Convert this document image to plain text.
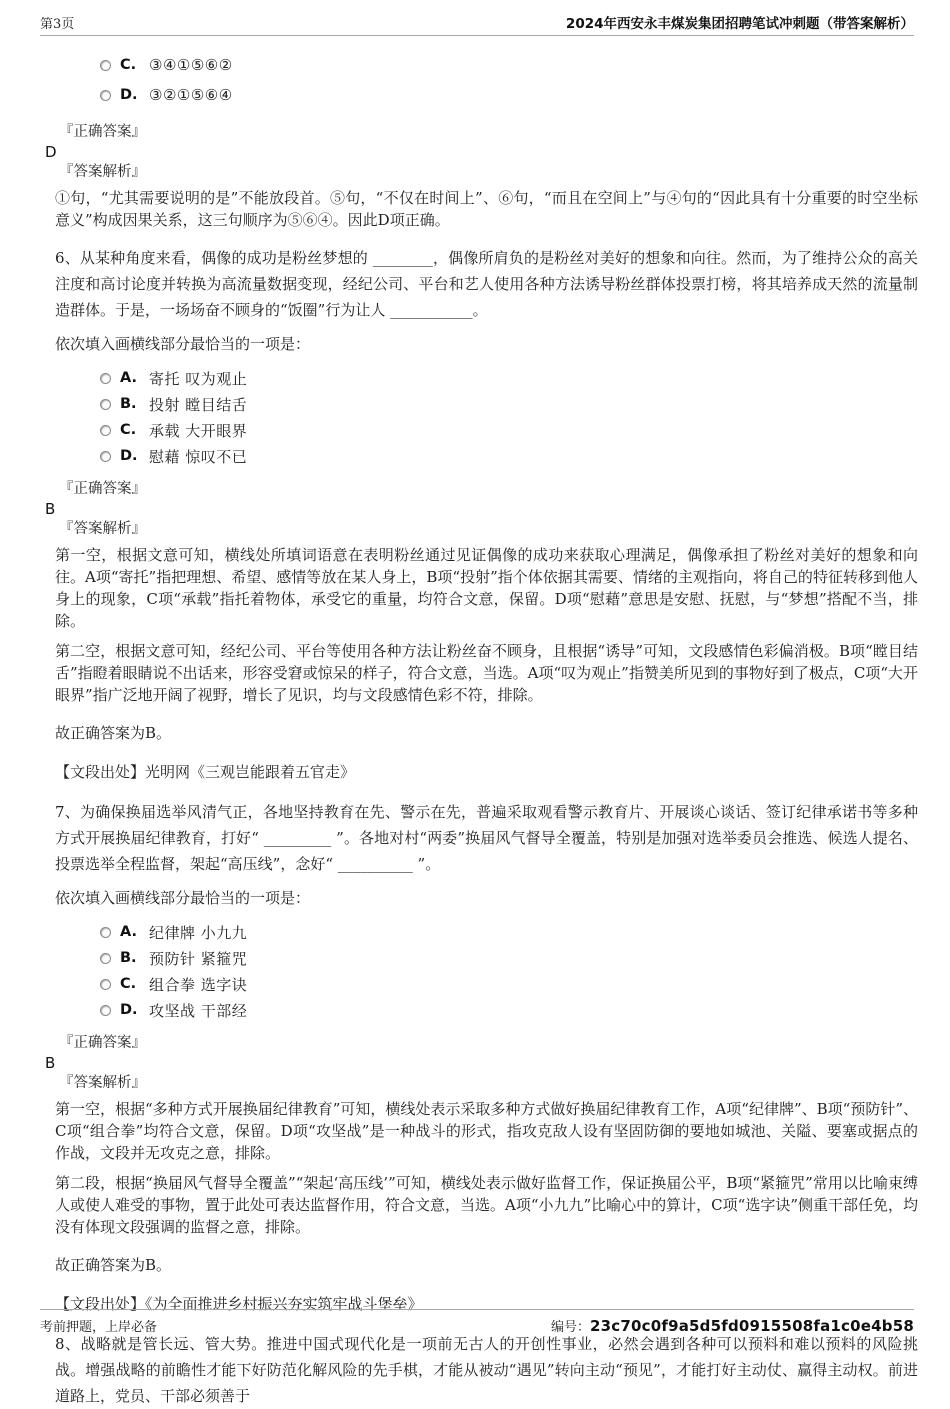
第3页	2024年西安永丰煤炭集团招聘笔试冲刺题（带答案解析）
C. ③④①⑤⑥②
D. ③②①⑤⑥④

『正确答案』

D

『答案解析』

①句，“尤其需要说明的是”不能放段首。⑤句，“不仅在时间上”、⑥句，“而且在空间上”与④句的“因此具有十分重要的时空坐标意义”构成因果关系，这三句顺序为⑤⑥④。因此D项正确。

6、从某种角度来看，偶像的成功是粉丝梦想的 ________，偶像所肩负的是粉丝对美好的想象和向往。然而，为了维持公众的高关注度和高讨论度并转换为高流量数据变现，经纪公司、平台和艺人使用各种方法诱导粉丝群体投票打榜，将其培养成天然的流量制造群体。于是，一场场奋不顾身的“饭圈”行为让人 ___________。

依次填入画横线部分最恰当的一项是：

A. 寄托 叹为观止
B. 投射 瞠目结舌
C. 承载 大开眼界
D. 慰藉 惊叹不已

『正确答案』

B

『答案解析』

第一空，根据文意可知，横线处所填词语意在表明粉丝通过见证偶像的成功来获取心理满足，偶像承担了粉丝对美好的想象和向往。A项“寄托”指把理想、希望、感情等放在某人身上，B项“投射”指个体依据其需要、情绪的主观指向，将自己的特征转移到他人身上的现象，C项“承载”指托着物体，承受它的重量，均符合文意，保留。D项“慰藉”意思是安慰、抚慰，与“梦想”搭配不当，排除。

第二空，根据文意可知，经纪公司、平台等使用各种方法让粉丝奋不顾身，且根据“诱导”可知，文段感情色彩偏消极。B项“瞠目结舌”指瞪着眼睛说不出话来，形容受窘或惊呆的样子，符合文意，当选。A项“叹为观止”指赞美所见到的事物好到了极点，C项“大开眼界”指广泛地开阔了视野，增长了见识，均与文段感情色彩不符，排除。

故正确答案为B。

【文段出处】光明网《三观岂能跟着五官走》

7、为确保换届选举风清气正，各地坚持教育在先、警示在先，普遍采取观看警示教育片、开展谈心谈话、签订纪律承诺书等多种方式开展换届纪律教育，打好“ _________ ”。各地对村“两委”换届风气督导全覆盖，特别是加强对选举委员会推选、候选人提名、投票选举全程监督，架起“高压线”，念好“ __________ ”。

依次填入画横线部分最恰当的一项是：

A. 纪律牌 小九九
B. 预防针 紧箍咒
C. 组合拳 选字诀
D. 攻坚战 干部经

『正确答案』

B

『答案解析』

第一空，根据“多种方式开展换届纪律教育”可知，横线处表示采取多种方式做好换届纪律教育工作，A项“纪律牌”、B项“预防针”、C项“组合拳”均符合文意，保留。D项“攻坚战”是一种战斗的形式，指攻克敌人设有坚固防御的要地如城池、关隘、要塞或据点的作战，文段并无攻克之意，排除。

第二段，根据“换届风气督导全覆盖”“架起‘高压线’”可知，横线处表示做好监督工作，保证换届公平，B项“紧箍咒”常用以比喻束缚人或使人难受的事物，置于此处可表达监督作用，符合文意，当选。A项“小九九”比喻心中的算计，C项“选字诀”侧重干部任免，均没有体现文段强调的监督之意，排除。

故正确答案为B。

【文段出处】《为全面推进乡村振兴夯实筑牢战斗堡垒》

8、战略就是管长远、管大势。推进中国式现代化是一项前无古人的开创性事业，必然会遇到各种可以预料和难以预料的风险挑战。增强战略的前瞻性才能下好防范化解风险的先手棋，才能从被动“遇见”转向主动“预见”，才能打好主动仗、赢得主动权。前进道路上，党员、干部必须善于

考前押题，上岸必备	编号：23c70c0f9a5d5fd0915508fa1c0e4b58
